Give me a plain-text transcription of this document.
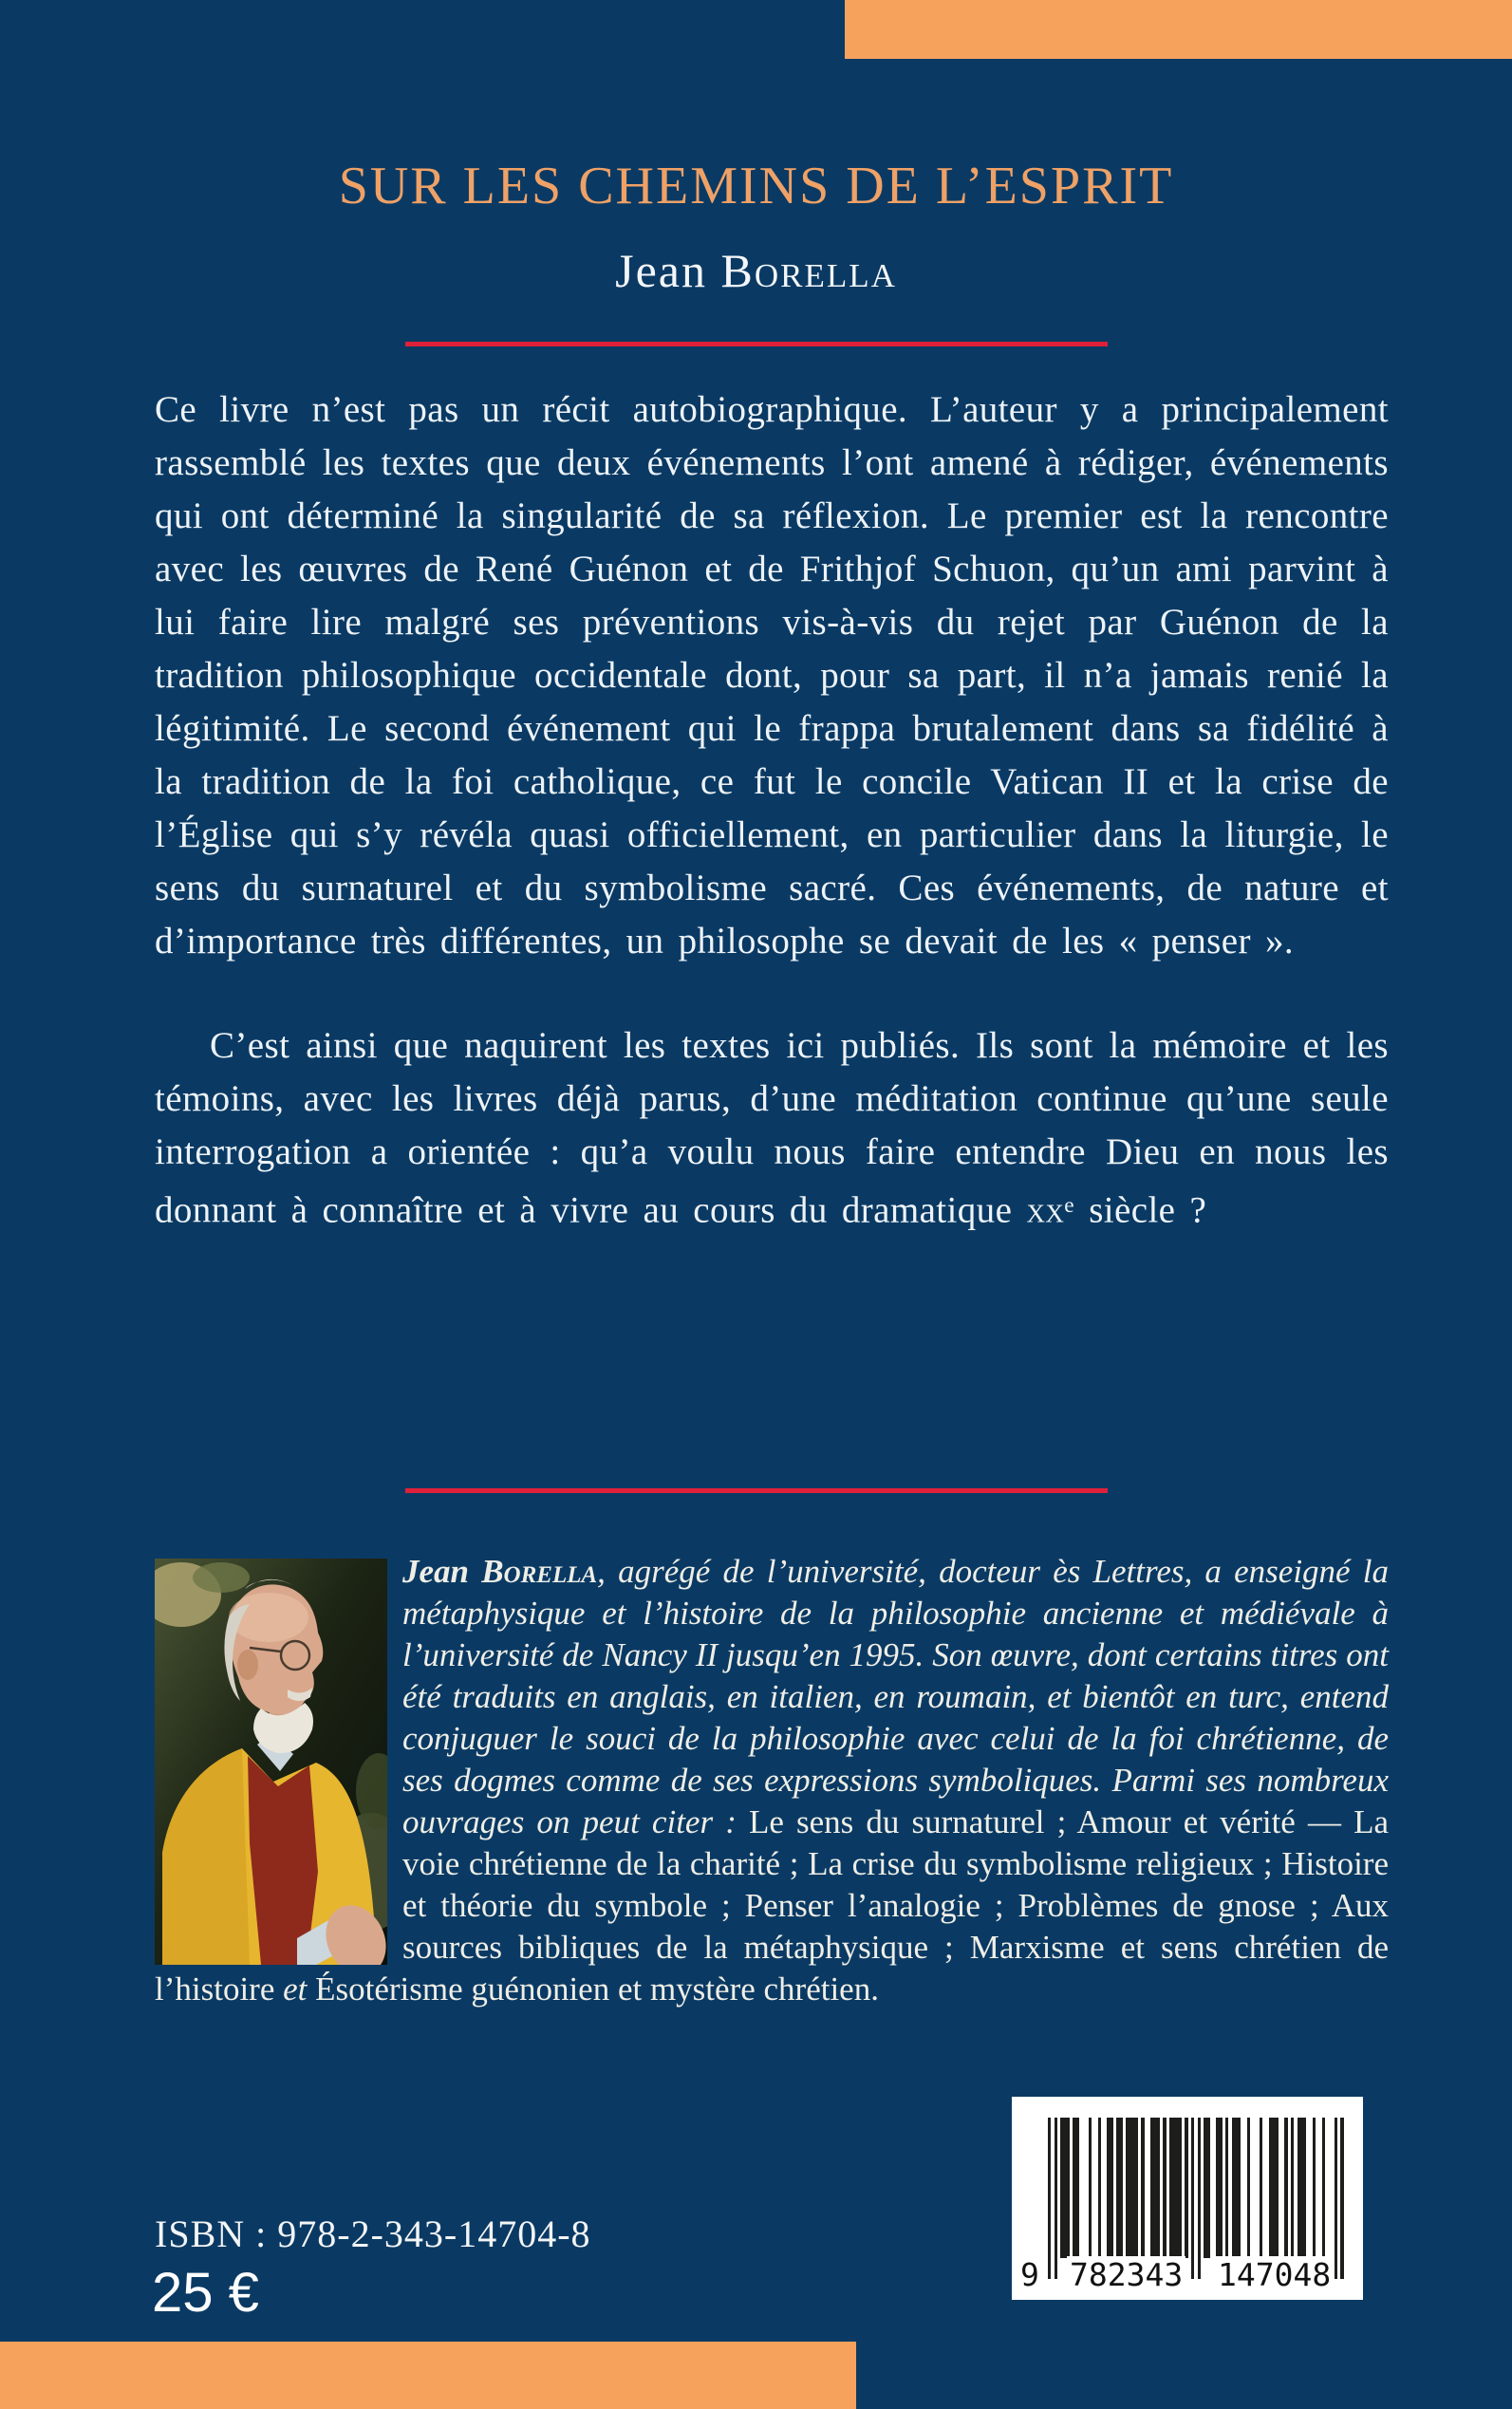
SUR LES CHEMINS DE L’ESPRIT
Jean Borella

Ce livre n’est pas un récit autobiographique. L’auteur y a principalement rassemblé les textes que deux événements l’ont amené à rédiger, événements qui ont déterminé la singularité de sa réflexion. Le premier est la rencontre avec les œuvres de René Guénon et de Frithjof Schuon, qu’un ami parvint à lui faire lire malgré ses préventions vis-à-vis du rejet par Guénon de la tradition philosophique occidentale dont, pour sa part, il n’a jamais renié la légitimité. Le second événement qui le frappa brutalement dans sa fidélité à la tradition de la foi catholique, ce fut le concile Vatican II et la crise de l’Église qui s’y révéla quasi officiellement, en particulier dans la liturgie, le sens du surnaturel et du symbolisme sacré. Ces événements, de nature et d’importance très différentes, un philosophe se devait de les « penser ».

C’est ainsi que naquirent les textes ici publiés. Ils sont la mémoire et les témoins, avec les livres déjà parus, d’une méditation continue qu’une seule interrogation a orientée : qu’a voulu nous faire entendre Dieu en nous les donnant à connaître et à vivre au cours du dramatique $xx^e$ siècle ?

Jean Borella, agrégé de l’université, docteur ès Lettres, a enseigné la métaphysique et l’histoire de la philosophie ancienne et médiévale à l’université de Nancy II jusqu’en 1995. Son œuvre, dont certains titres ont été traduits en anglais, en italien, en roumain, et bientôt en turc, entend conjuguer le souci de la philosophie avec celui de la foi chrétienne, de ses dogmes comme de ses expressions symboliques. Parmi ses nombreux ouvrages on peut citer : Le sens du surnaturel ; Amour et vérité — La voie chrétienne de la charité ; La crise du symbolisme religieux ; Histoire et théorie du symbole ; Penser l’analogie ; Problèmes de gnose ; Aux sources bibliques de la métaphysique ; Marxisme et sens chrétien de l’histoire et Ésotérisme guénonien et mystère chrétien.
ISBN : 978-2-343-14704-8
25 €	9 782343 147048
